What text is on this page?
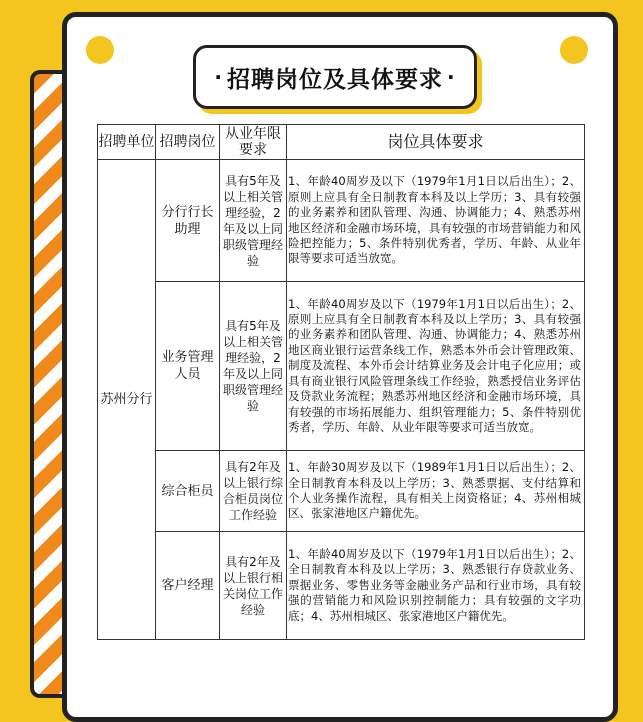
· 招聘岗位及具体要求 ·
招聘单位	招聘岗位	从业年限要求	岗位具体要求
苏州分行	分行行长助理	具有5年及以上相关管理经验，2年及以上同职级管理经验	1、年龄40周岁及以下（1979年1月1日以后出生）；2、原则上应具有全日制教育本科及以上学历；3、具有较强的业务素养和团队管理、沟通、协调能力；4、熟悉苏州地区经济和金融市场环境，具有较强的市场营销能力和风险把控能力；5、条件特别优秀者，学历、年龄、从业年限等要求可适当放宽。
	业务管理人员	具有5年及以上相关管理经验，2年及以上同职级管理经验	1、年龄40周岁及以下（1979年1月1日以后出生）；2、原则上应具有全日制教育本科及以上学历；3、具有较强的业务素养和团队管理、沟通、协调能力；4、熟悉苏州地区商业银行运营条线工作，熟悉本外币会计管理政策、制度及流程、本外币会计结算业务及会计电子化应用；或具有商业银行风险管理条线工作经验，熟悉授信业务评估及贷款业务流程；熟悉苏州地区经济和金融市场环境，具有较强的市场拓展能力、组织管理能力；5、条件特别优秀者，学历、年龄、从业年限等要求可适当放宽。
	综合柜员	具有2年及以上银行综合柜员岗位工作经验	1、年龄30周岁及以下（1989年1月1日以后出生）；2、全日制教育本科及以上学历；3、熟悉票据、支付结算和个人业务操作流程，具有相关上岗资格证；4、苏州相城区、张家港地区户籍优先。
	客户经理	具有2年及以上银行相关岗位工作经验	1、年龄40周岁及以下（1979年1月1日以后出生）；2、全日制教育本科及以上学历；3、熟悉银行存贷款业务、票据业务、零售业务等金融业务产品和行业市场，具有较强的营销能力和风险识别控制能力；具有较强的文字功底；4、苏州相城区、张家港地区户籍优先。
